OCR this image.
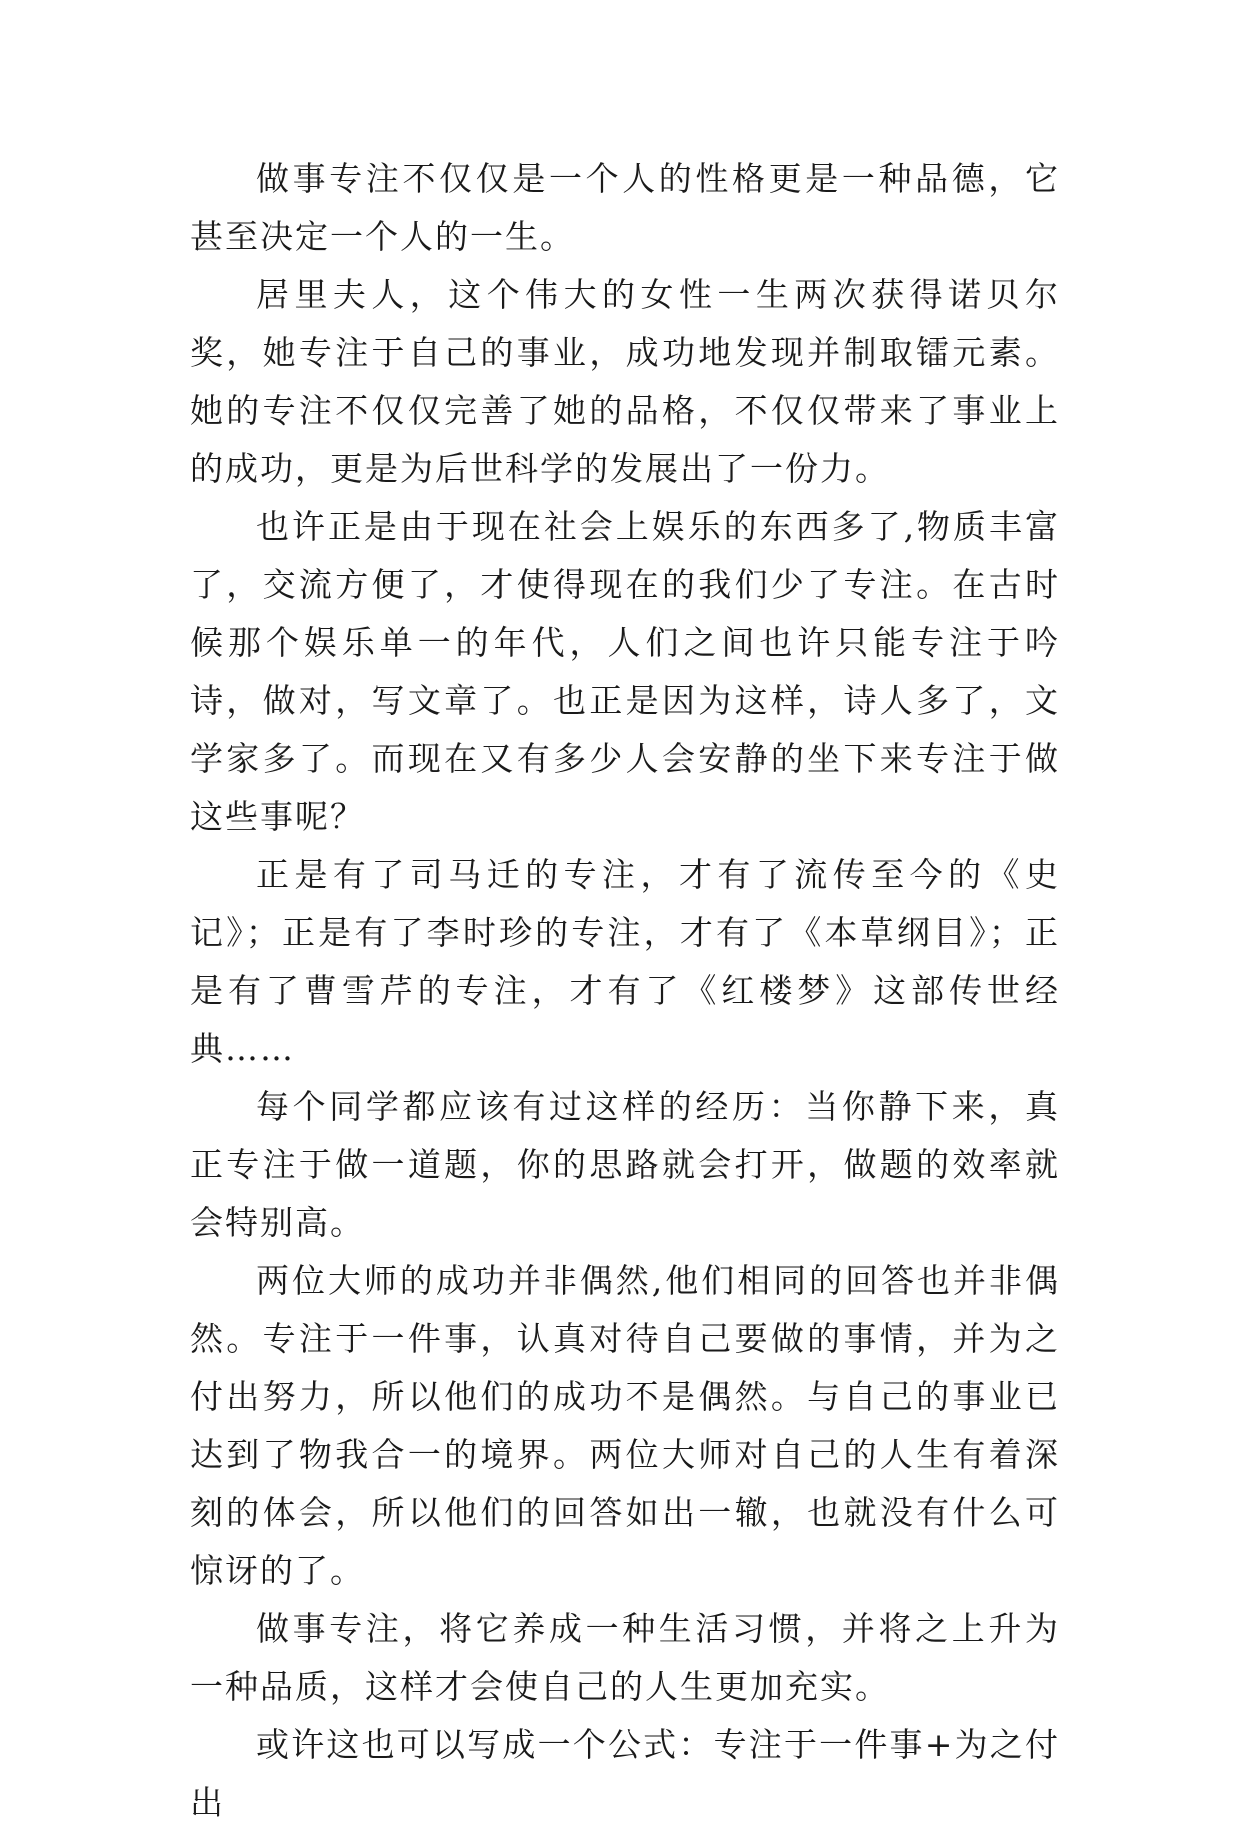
做事专注不仅仅是一个人的性格更是一种品德，它甚至决定一个人的一生。

居里夫人，这个伟大的女性一生两次获得诺贝尔奖，她专注于自己的事业，成功地发现并制取镭元素。她的专注不仅仅完善了她的品格，不仅仅带来了事业上的成功，更是为后世科学的发展出了一份力。

也许正是由于现在社会上娱乐的东西多了,物质丰富了，交流方便了，才使得现在的我们少了专注。在古时候那个娱乐单一的年代，人们之间也许只能专注于吟诗，做对，写文章了。也正是因为这样，诗人多了，文学家多了。而现在又有多少人会安静的坐下来专注于做这些事呢？

正是有了司马迁的专注，才有了流传至今的《史记》；正是有了李时珍的专注，才有了《本草纲目》；正是有了曹雪芹的专注，才有了《红楼梦》这部传世经典……

每个同学都应该有过这样的经历：当你静下来，真正专注于做一道题，你的思路就会打开，做题的效率就会特别高。

两位大师的成功并非偶然,他们相同的回答也并非偶然。专注于一件事，认真对待自己要做的事情，并为之付出努力，所以他们的成功不是偶然。与自己的事业已达到了物我合一的境界。两位大师对自己的人生有着深刻的体会，所以他们的回答如出一辙，也就没有什么可惊讶的了。

做事专注，将它养成一种生活习惯，并将之上升为一种品质，这样才会使自己的人生更加充实。

或许这也可以写成一个公式：专注于一件事+为之付出
